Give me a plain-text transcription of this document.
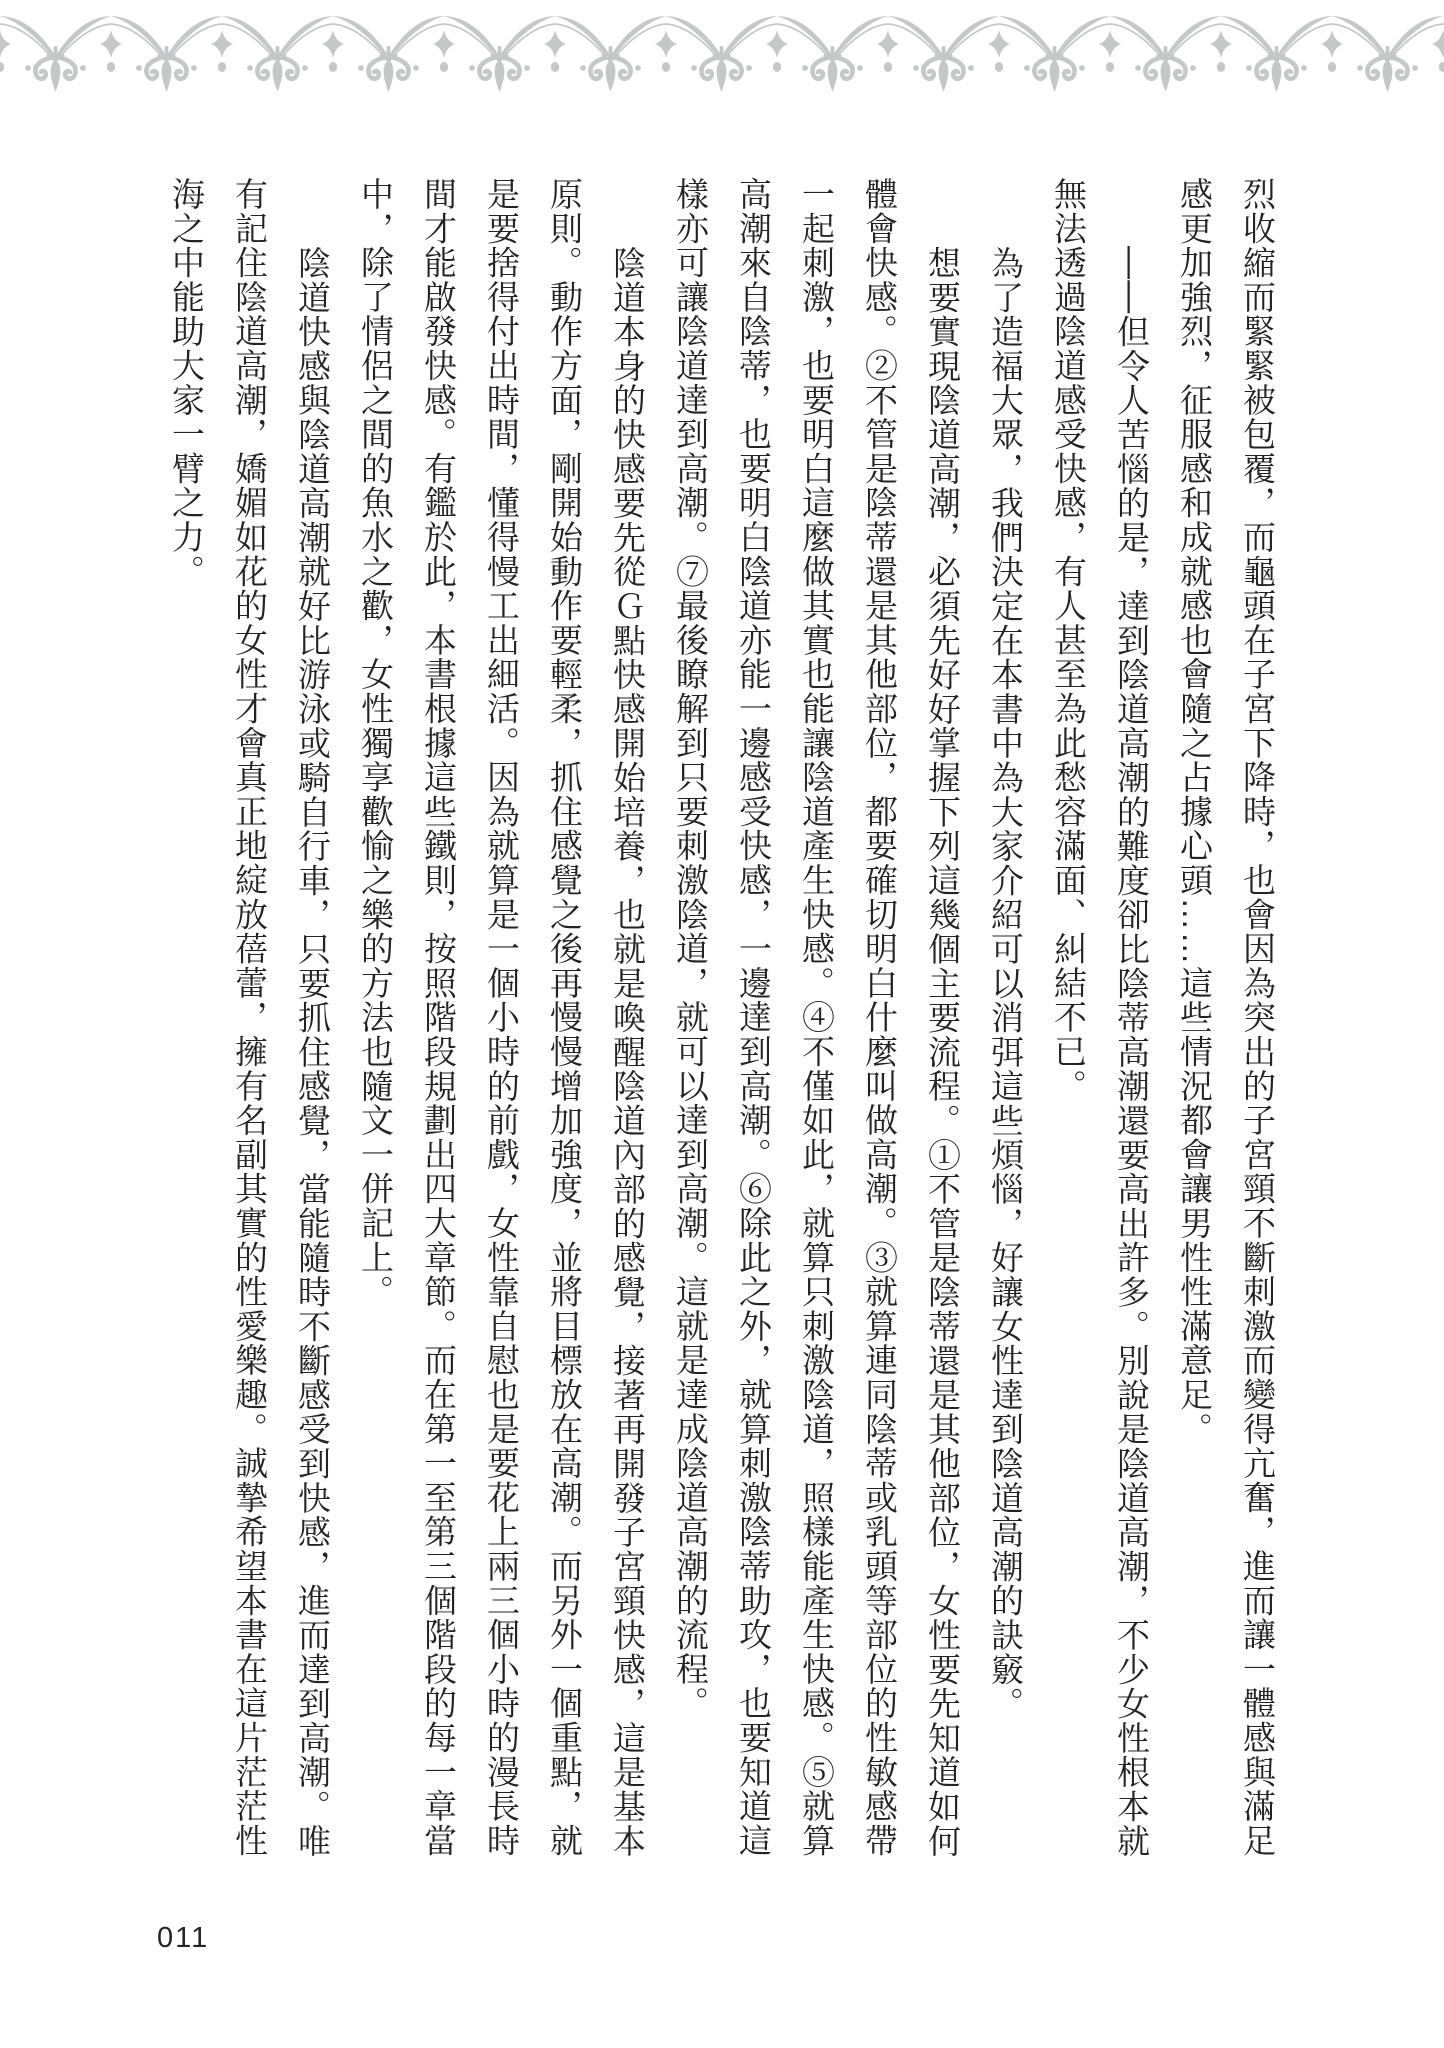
烈收縮而緊緊被包覆，而龜頭在子宮下降時，也會因為突出的子宮頸不斷刺激而變得亢奮，進而讓一體感與滿足
感更加強烈，征服感和成就感也會隨之占據心頭……這些情況都會讓男性性滿意足。
——但令人苦惱的是，達到陰道高潮的難度卻比陰蒂高潮還要高出許多。別說是陰道高潮，不少女性根本就
無法透過陰道感受快感，有人甚至為此愁容滿面、糾結不已。
為了造福大眾，我們決定在本書中為大家介紹可以消弭這些煩惱，好讓女性達到陰道高潮的訣竅。
想要實現陰道高潮，必須先好好掌握下列這幾個主要流程。①不管是陰蒂還是其他部位，女性要先知道如何
體會快感。②不管是陰蒂還是其他部位，都要確切明白什麼叫做高潮。③就算連同陰蒂或乳頭等部位的性敏感帶
一起刺激，也要明白這麼做其實也能讓陰道產生快感。④不僅如此，就算只刺激陰道，照樣能產生快感。⑤就算
高潮來自陰蒂，也要明白陰道亦能一邊感受快感，一邊達到高潮。⑥除此之外，就算刺激陰蒂助攻，也要知道這
樣亦可讓陰道達到高潮。⑦最後瞭解到只要刺激陰道，就可以達到高潮。這就是達成陰道高潮的流程。
陰道本身的快感要先從Ｇ點快感開始培養，也就是喚醒陰道內部的感覺，接著再開發子宮頸快感，這是基本
原則。動作方面，剛開始動作要輕柔，抓住感覺之後再慢慢增加強度，並將目標放在高潮。而另外一個重點，就
是要捨得付出時間，懂得慢工出細活。因為就算是一個小時的前戲，女性靠自慰也是要花上兩三個小時的漫長時
間才能啟發快感。有鑑於此，本書根據這些鐵則，按照階段規劃出四大章節。而在第一至第三個階段的每一章當
中，除了情侶之間的魚水之歡，女性獨享歡愉之樂的方法也隨文一併記上。
陰道快感與陰道高潮就好比游泳或騎自行車，只要抓住感覺，當能隨時不斷感受到快感，進而達到高潮。唯
有記住陰道高潮，嬌媚如花的女性才會真正地綻放蓓蕾，擁有名副其實的性愛樂趣。誠摯希望本書在這片茫茫性
海之中能助大家一臂之力。
011
